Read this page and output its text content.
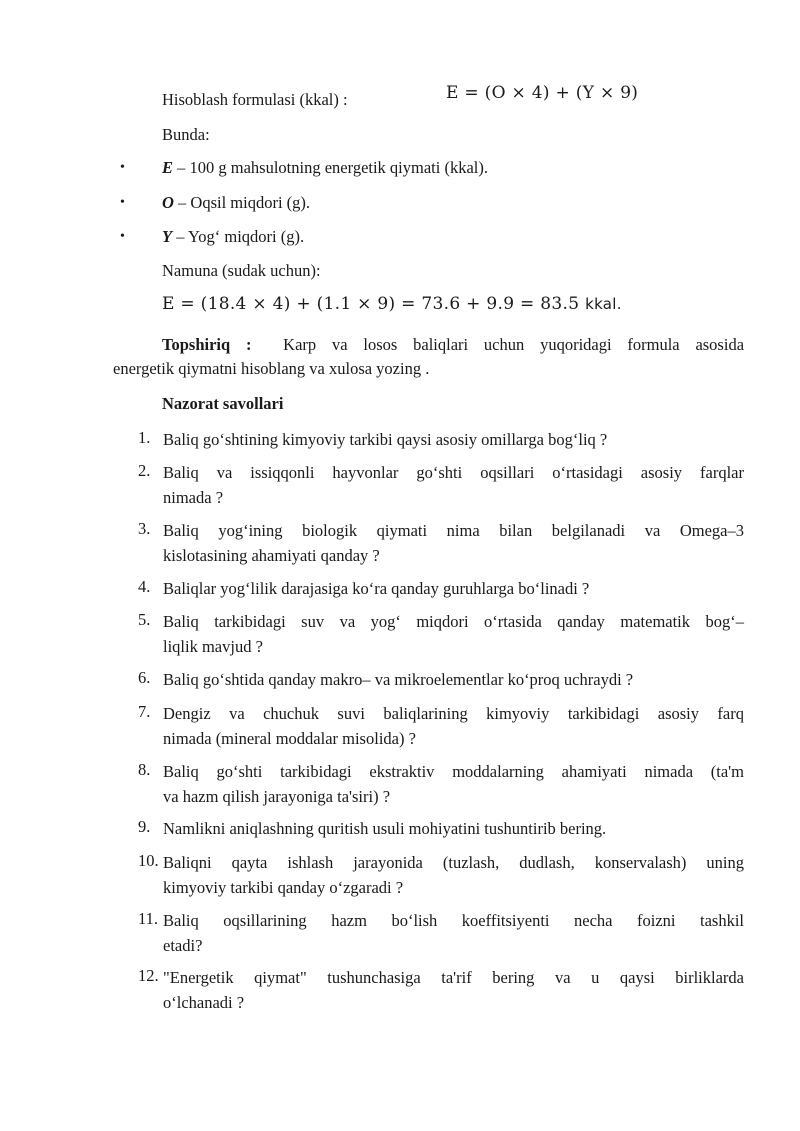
Hisoblash formulasi (kkal) :	E = (O × 4) + (Y × 9)
Bunda:
• E – 100 g mahsulotning energetik qiymati (kkal).
• O – Oqsil miqdori (g).
• Y – Yog‘ miqdori (g).
Namuna (sudak uchun):
E = (18.4 × 4) + (1.1 × 9) = 73.6 + 9.9 = 83.5 kkal.
Topshiriq : Karp va losos baliqlari uchun yuqoridagi formula asosida
energetik qiymatni hisoblang va xulosa yozing .
Nazorat savollari
1. Baliq go‘shtining kimyoviy tarkibi qaysi asosiy omillarga bog‘liq ?
2. Baliq va issiqqonli hayvonlar go‘shti oqsillari o‘rtasidagi asosiy farqlar
nimada ?
3. Baliq yog‘ining biologik qiymati nima bilan belgilanadi va Omega–3
kislotasining ahamiyati qanday ?
4. Baliqlar yog‘lilik darajasiga ko‘ra qanday guruhlarga bo‘linadi ?
5. Baliq tarkibidagi suv va yog‘ miqdori o‘rtasida qanday matematik bog‘–
liqlik mavjud ?
6. Baliq go‘shtida qanday makro– va mikroelementlar ko‘proq uchraydi ?
7. Dengiz va chuchuk suvi baliqlarining kimyoviy tarkibidagi asosiy farq
nimada (mineral moddalar misolida) ?
8. Baliq go‘shti tarkibidagi ekstraktiv moddalarning ahamiyati nimada (ta'm
va hazm qilish jarayoniga ta'siri) ?
9. Namlikni aniqlashning quritish usuli mohiyatini tushuntirib bering.
10. Baliqni qayta ishlash jarayonida (tuzlash, dudlash, konservalash) uning
kimyoviy tarkibi qanday o‘zgaradi ?
11. Baliq oqsillarining hazm bo‘lish koeffitsiyenti necha foizni tashkil
etadi?
12. "Energetik qiymat" tushunchasiga ta'rif bering va u qaysi birliklarda
o‘lchanadi ?
